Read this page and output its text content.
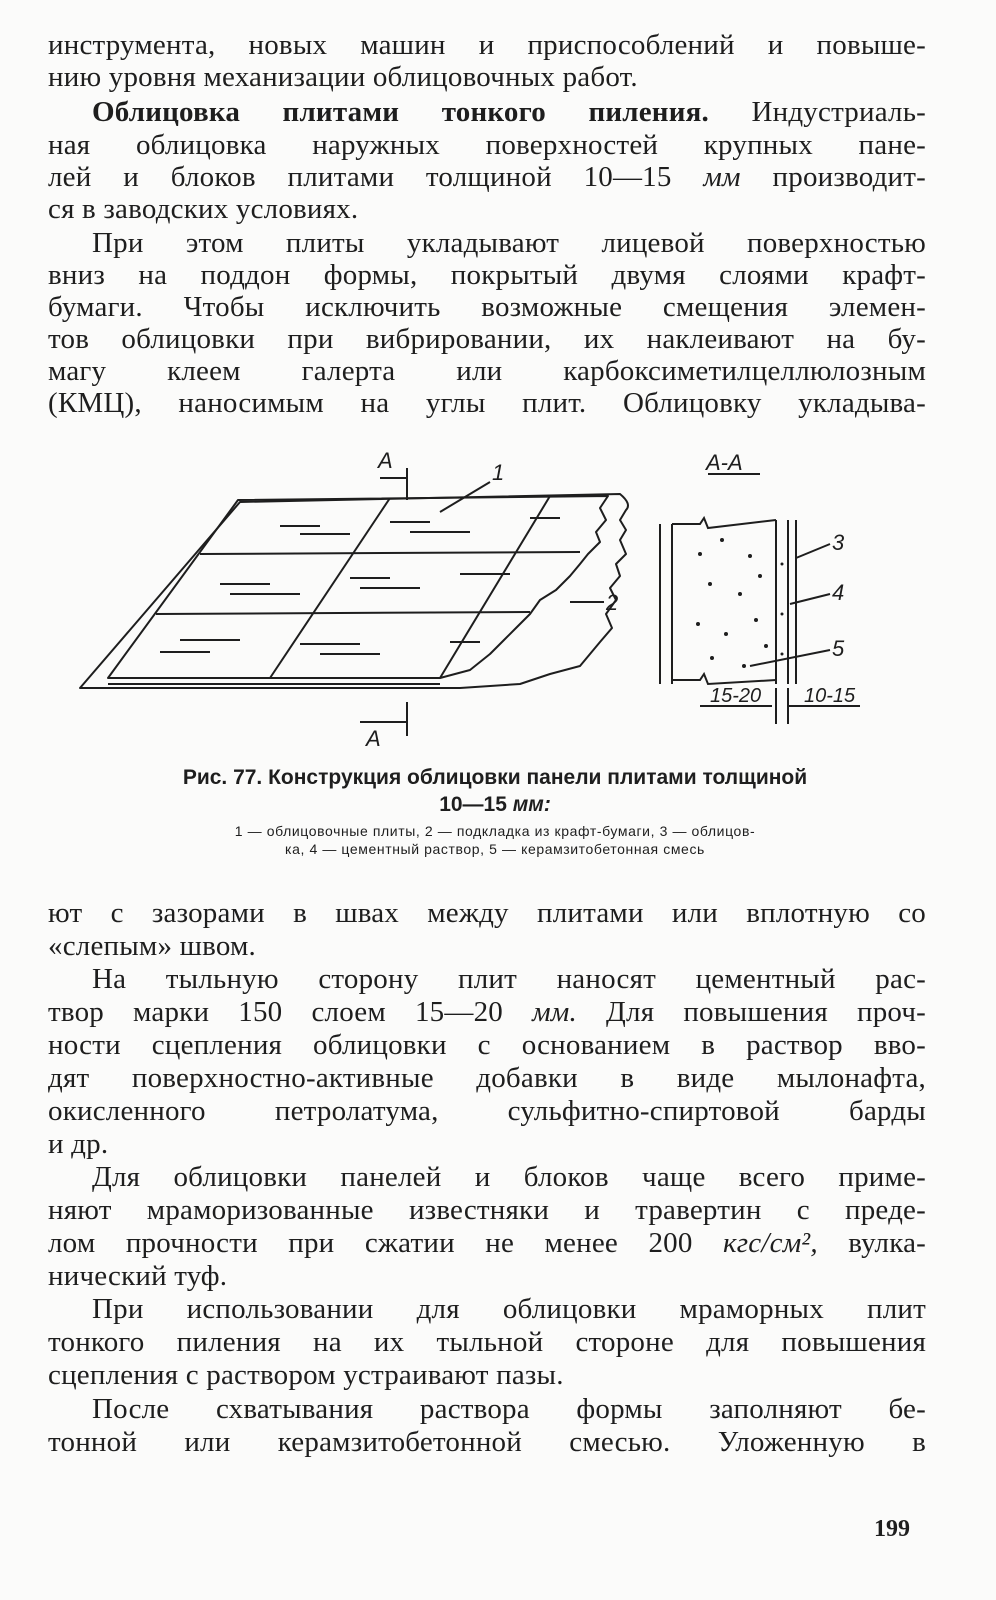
инструмента, новых машин и приспособлений и повыше-
нию уровня механизации облицовочных работ.
Облицовка плитами тонкого пиления. Индустриаль-
ная облицовка наружных поверхностей крупных пане-
лей и блоков плитами толщиной 10—15 мм производит-
ся в заводских условиях.
При этом плиты укладывают лицевой поверхностью
вниз на поддон формы, покрытый двумя слоями крафт-
бумаги. Чтобы исключить возможные смещения элемен-
тов облицовки при вибрировании, их наклеивают на бу-
магу клеем галерта или карбоксиметилцеллюлозным
(КМЦ), наносимым на углы плит. Облицовку укладыва-
A
A
A-A
1
2
3
4
5
15-20 10-15
Рис. 77. Конструкция облицовки панели плитами толщиной
10—15 мм:
1 — облицовочные плиты, 2 — подкладка из крафт-бумаги, 3 — облицов-
ка, 4 — цементный раствор, 5 — керамзитобетонная смесь
ют с зазорами в швах между плитами или вплотную со
«слепым» швом.
На тыльную сторону плит наносят цементный рас-
твор марки 150 слоем 15—20 мм. Для повышения проч-
ности сцепления облицовки с основанием в раствор вво-
дят поверхностно-активные добавки в виде мылонафта,
окисленного петролатума, сульфитно-спиртовой барды
и др.
Для облицовки панелей и блоков чаще всего приме-
няют мраморизованные известняки и травертин с преде-
лом прочности при сжатии не менее 200 кгс/см², вулка-
нический туф.
При использовании для облицовки мраморных плит
тонкого пиления на их тыльной стороне для повышения
сцепления с раствором устраивают пазы.
После схватывания раствора формы заполняют бе-
тонной или керамзитобетонной смесью. Уложенную в
199
